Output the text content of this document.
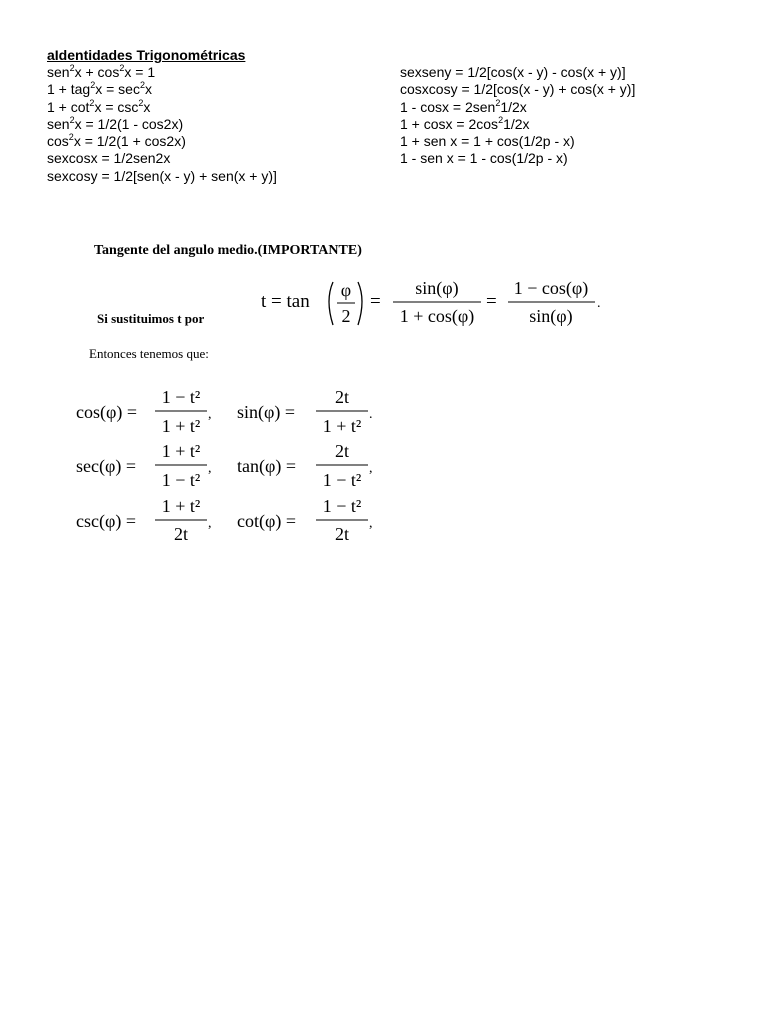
aIdentidades Trigonométricas
$sen^2x + \cos^2x = 1$
$1 + tag^2x = \sec^2x$
$1 + \cot^2x = \csc^2x$
sen$^2$x = 1/2(1 - cos2x)
$\cos^2x = 1/2(1 + \cos 2x)$
sexcosx = 1/2sen2x
sexcosy = 1/2[sen(x - y) + sen(x + y)]
sexseny = 1/2[cos(x - y) - cos(x + y)]
cosxcosy = 1/2[cos(x - y) + cos(x + y)]
1 - cosx = 2sen$^2$1/2x
$1 + \cos x = 2\cos^21/2x$
1 + sen x = 1 + cos(1/2p - x)
1 - sen x = 1 - cos(1/2p - x)
Tangente del angulo medio.(IMPORTANTE)
Si sustituimos t por
Entonces tenemos que:
t = tan
φ
2
=
sin(φ)
1 + cos(φ)
=
1 − cos(φ)
sin(φ)
.
cos(φ) =
1 − t²
1 + t²
, sin(φ) =
2t
1 + t²
.
sec(φ) =
1 + t²
1 − t²
, tan(φ) =
2t
1 − t²
,
csc(φ) =
1 + t²
2t
, cot(φ) =
1 − t²
2t
,
